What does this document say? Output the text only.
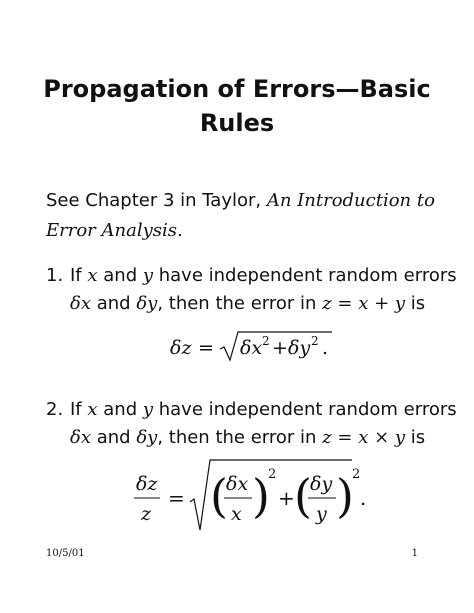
Propagation of Errors—Basic
Rules
See Chapter 3 in Taylor, An Introduction to
Error Analysis.
1. If x and y have independent random errors
δx and δy, then the error in z = x + y is
δz = δx 2 + δy 2 .
2. If x and y have independent random errors
δx and δy, then the error in z = x × y is
δz
z
= (
δx
x )
2
+ (
δy
y )
2
.
10/5/01	1
